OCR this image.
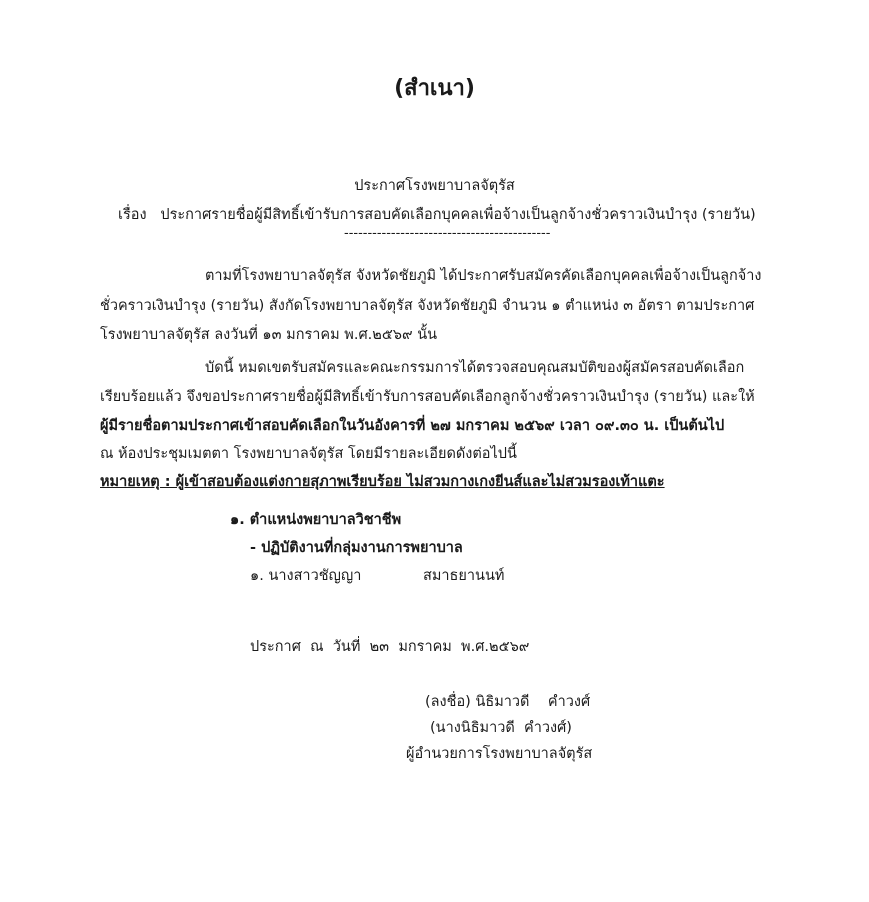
(สำเนา)
ประกาศโรงพยาบาลจัตุรัส
เรื่อง ประกาศรายชื่อผู้มีสิทธิ์เข้ารับการสอบคัดเลือกบุคคลเพื่อจ้างเป็นลูกจ้างชั่วคราวเงินบำรุง (รายวัน)
--------------------------------------------
ตามที่โรงพยาบาลจัตุรัส จังหวัดชัยภูมิ ได้ประกาศรับสมัครคัดเลือกบุคคลเพื่อจ้างเป็นลูกจ้าง
ชั่วคราวเงินบำรุง (รายวัน) สังกัดโรงพยาบาลจัตุรัส จังหวัดชัยภูมิ จำนวน ๑ ตำแหน่ง ๓ อัตรา ตามประกาศ
โรงพยาบาลจัตุรัส ลงวันที่ ๑๓ มกราคม พ.ศ.๒๕๖๙ นั้น
บัดนี้ หมดเขตรับสมัครและคณะกรรมการได้ตรวจสอบคุณสมบัติของผู้สมัครสอบคัดเลือก
เรียบร้อยแล้ว จึงขอประกาศรายชื่อผู้มีสิทธิ์เข้ารับการสอบคัดเลือกลูกจ้างชั่วคราวเงินบำรุง (รายวัน) และให้
ผู้มีรายชื่อตามประกาศเข้าสอบคัดเลือกในวันอังคารที่ ๒๗ มกราคม ๒๕๖๙ เวลา ๐๙.๓๐ น. เป็นต้นไป
ณ ห้องประชุมเมตตา โรงพยาบาลจัตุรัส โดยมีรายละเอียดดังต่อไปนี้
หมายเหตุ : ผู้เข้าสอบต้องแต่งกายสุภาพเรียบร้อย ไม่สวมกางเกงยีนส์และไม่สวมรองเท้าแตะ
๑. ตำแหน่งพยาบาลวิชาชีพ
- ปฏิบัติงานที่กลุ่มงานการพยาบาล
๑. นางสาวชัญญา	สมาธยานนท์
ประกาศ  ณ  วันที่  ๒๓  มกราคม  พ.ศ.๒๕๖๙
(ลงชื่อ) นิธิมาวดี    คำวงศ์
(นางนิธิมาวดี  คำวงศ์)
ผู้อำนวยการโรงพยาบาลจัตุรัส
